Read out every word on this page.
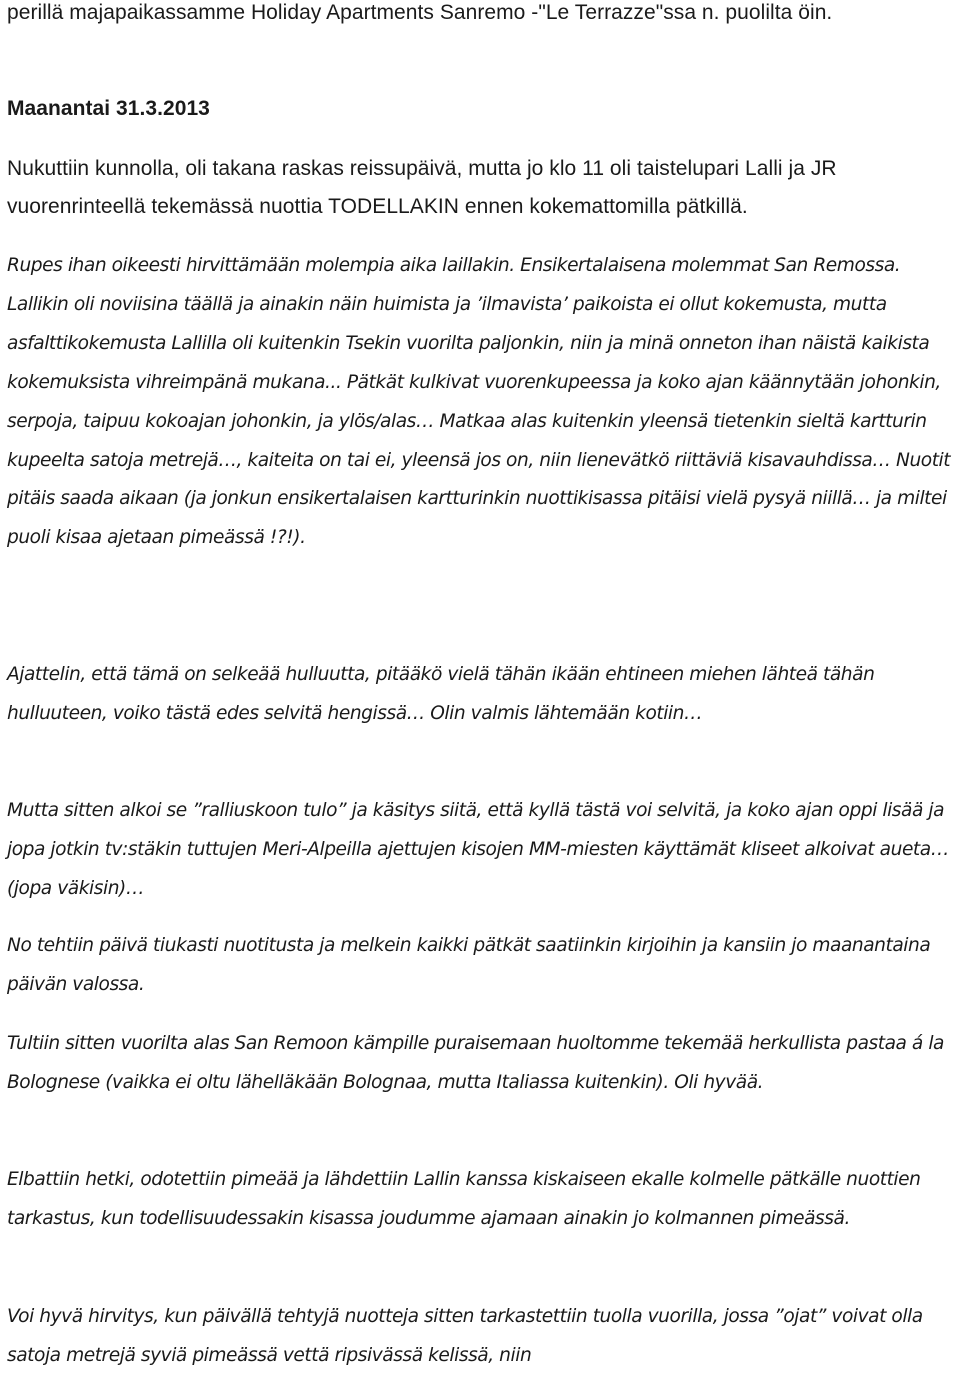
perillä majapaikassamme Holiday Apartments Sanremo -"Le Terrazze"ssa n. puolilta öin.

Maanantai 31.3.2013

Nukuttiin kunnolla, oli takana raskas reissupäivä, mutta jo klo 11 oli taistelupari Lalli ja JR vuorenrinteellä tekemässä nuottia TODELLAKIN ennen kokemattomilla pätkillä.

Rupes ihan oikeesti hirvittämään molempia aika laillakin. Ensikertalaisena molemmat San Remossa. Lallikin oli noviisina täällä ja ainakin näin huimista ja ’ilmavista’ paikoista ei ollut kokemusta, mutta asfalttikokemusta Lallilla oli kuitenkin Tsekin vuorilta paljonkin, niin ja minä onneton ihan näistä kaikista kokemuksista vihreimpänä mukana... Pätkät kulkivat vuorenkupeessa ja koko ajan käännytään johonkin, serpoja, taipuu kokoajan johonkin, ja ylös/alas… Matkaa alas kuitenkin yleensä tietenkin sieltä kartturin kupeelta satoja metrejä…, kaiteita on tai ei, yleensä jos on, niin lienevätkö riittäviä kisavauhdissa… Nuotit pitäis saada aikaan (ja jonkun ensikertalaisen kartturinkin nuottikisassa pitäisi vielä pysyä niillä… ja miltei puoli kisaa ajetaan pimeässä !?!).

Ajattelin, että tämä on selkeää hulluutta, pitääkö vielä tähän ikään ehtineen miehen lähteä tähän hulluuteen, voiko tästä edes selvitä hengissä… Olin valmis lähtemään kotiin…

Mutta sitten alkoi se ”ralliuskoon tulo” ja käsitys siitä, että kyllä tästä voi selvitä, ja koko ajan oppi lisää ja jopa jotkin tv:stäkin tuttujen Meri-Alpeilla ajettujen kisojen MM-miesten käyttämät kliseet alkoivat aueta… (jopa väkisin)…

No tehtiin päivä tiukasti nuotitusta ja melkein kaikki pätkät saatiinkin kirjoihin ja kansiin jo maanantaina päivän valossa.

Tultiin sitten vuorilta alas San Remoon kämpille puraisemaan huoltomme tekemää herkullista pastaa á la Bolognese (vaikka ei oltu lähelläkään Bolognaa, mutta Italiassa kuitenkin). Oli hyvää.

Elbattiin hetki, odotettiin pimeää ja lähdettiin Lallin kanssa kiskaiseen ekalle kolmelle pätkälle nuottien tarkastus, kun todellisuudessakin kisassa joudumme ajamaan ainakin jo kolmannen pimeässä.

Voi hyvä hirvitys, kun päivällä tehtyjä nuotteja sitten tarkastettiin tuolla vuorilla, jossa ”ojat” voivat olla satoja metrejä syviä pimeässä vettä ripsivässä kelissä, niin
